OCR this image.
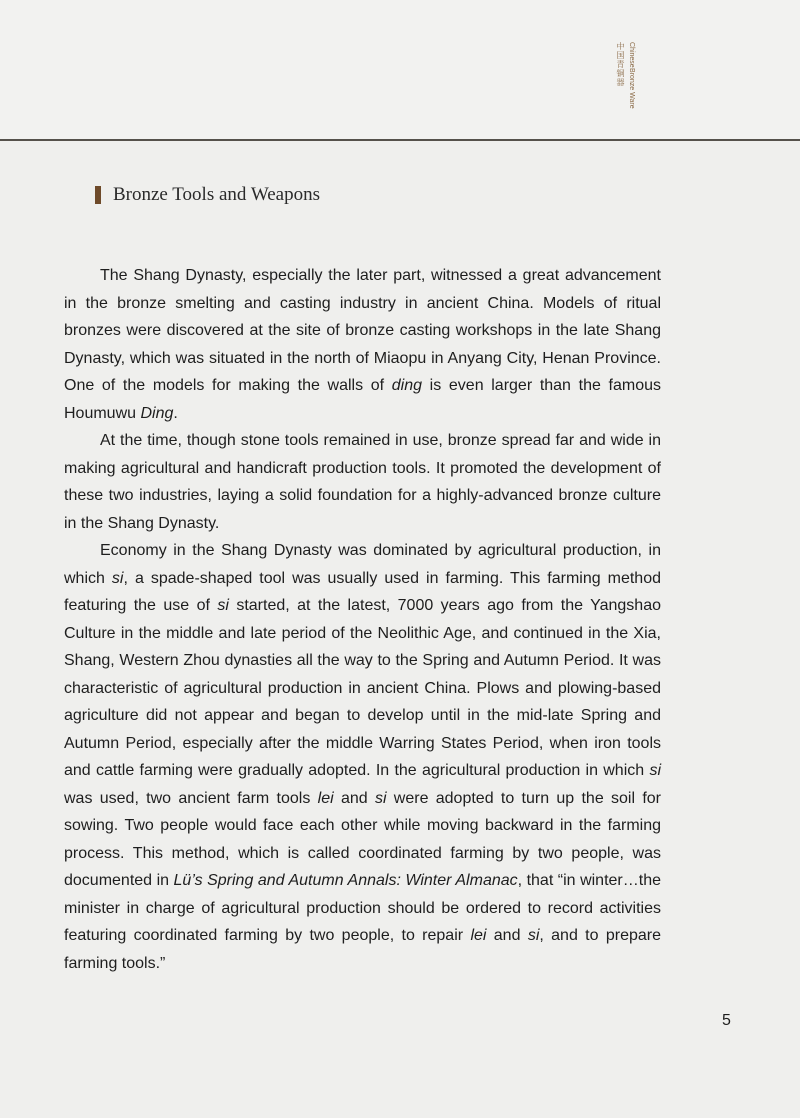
中国青铜器 Chinese
Bronze Ware
Bronze Tools and Weapons

The Shang Dynasty, especially the later part, witnessed a great advancement in the bronze smelting and casting industry in ancient China. Models of ritual bronzes were discovered at the site of bronze casting workshops in the late Shang Dynasty, which was situated in the north of Miaopu in Anyang City, Henan Province. One of the models for making the walls of ding is even larger than the famous Houmuwu Ding.

At the time, though stone tools remained in use, bronze spread far and wide in making agricultural and handicraft production tools. It promoted the development of these two industries, laying a solid foundation for a highly-advanced bronze culture in the Shang Dynasty.

Economy in the Shang Dynasty was dominated by agricultural production, in which si, a spade-shaped tool was usually used in farming. This farming method featuring the use of si started, at the latest, 7000 years ago from the Yangshao Culture in the middle and late period of the Neolithic Age, and continued in the Xia, Shang, Western Zhou dynasties all the way to the Spring and Autumn Period. It was characteristic of agricultural production in ancient China. Plows and plowing-based agriculture did not appear and began to develop until in the mid-late Spring and Autumn Period, especially after the middle Warring States Period, when iron tools and cattle farming were gradually adopted. In the agricultural production in which si was used, two ancient farm tools lei and si were adopted to turn up the soil for sowing. Two people would face each other while moving backward in the farming process. This method, which is called coordinated farming by two people, was documented in Lü’s Spring and Autumn Annals: Winter Almanac, that “in winter…the minister in charge of agricultural production should be ordered to record activities featuring coordinated farming by two people, to repair lei and si, and to prepare farming tools.”

5
